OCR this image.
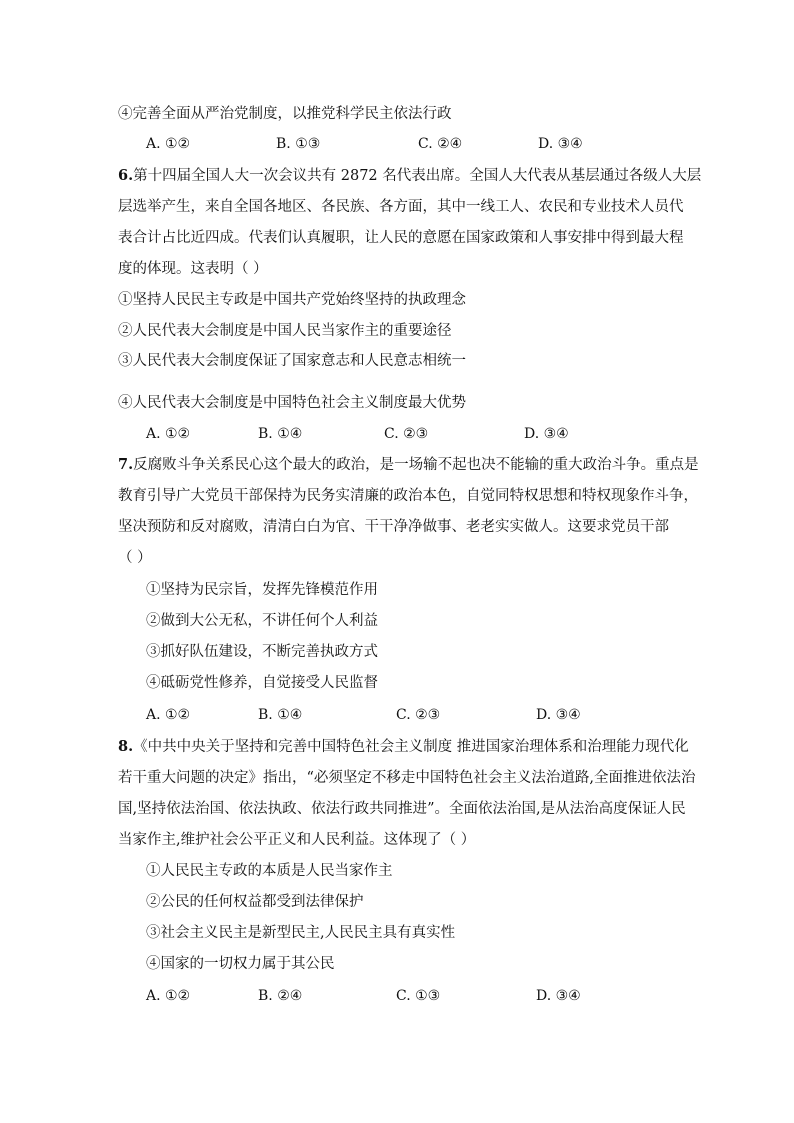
④完善全面从严治党制度，以推党科学民主依法行政
A. ①②	B. ①③	C. ②④	D. ③④
6.第十四届全国人大一次会议共有 2872 名代表出席。全国人大代表从基层通过各级人大层
层选举产生，来自全国各地区、各民族、各方面，其中一线工人、农民和专业技术人员代
表合计占比近四成。代表们认真履职，让人民的意愿在国家政策和人事安排中得到最大程
度的体现。这表明（ ）
①坚持人民民主专政是中国共产党始终坚持的执政理念
②人民代表大会制度是中国人民当家作主的重要途径
③人民代表大会制度保证了国家意志和人民意志相统一
④人民代表大会制度是中国特色社会主义制度最大优势
A. ①②	B. ①④	C. ②③	D. ③④
7.反腐败斗争关系民心这个最大的政治，是一场输不起也决不能输的重大政治斗争。重点是
教育引导广大党员干部保持为民务实清廉的政治本色，自觉同特权思想和特权现象作斗争，
坚决预防和反对腐败，清清白白为官、干干净净做事、老老实实做人。这要求党员干部
（ ）
①坚持为民宗旨，发挥先锋模范作用
②做到大公无私，不讲任何个人利益
③抓好队伍建设，不断完善执政方式
④砥砺党性修养，自觉接受人民监督
A. ①②	B. ①④	C. ②③	D. ③④
8.《中共中央关于坚持和完善中国特色社会主义制度 推进国家治理体系和治理能力现代化
若干重大问题的决定》指出，“必须坚定不移走中国特色社会主义法治道路,全面推进依法治
国,坚持依法治国、依法执政、依法行政共同推进”。全面依法治国,是从法治高度保证人民
当家作主,维护社会公平正义和人民利益。这体现了（ ）
①人民民主专政的本质是人民当家作主
②公民的任何权益都受到法律保护
③社会主义民主是新型民主,人民民主具有真实性
④国家的一切权力属于其公民
A. ①②	B. ②④	C. ①③	D. ③④
